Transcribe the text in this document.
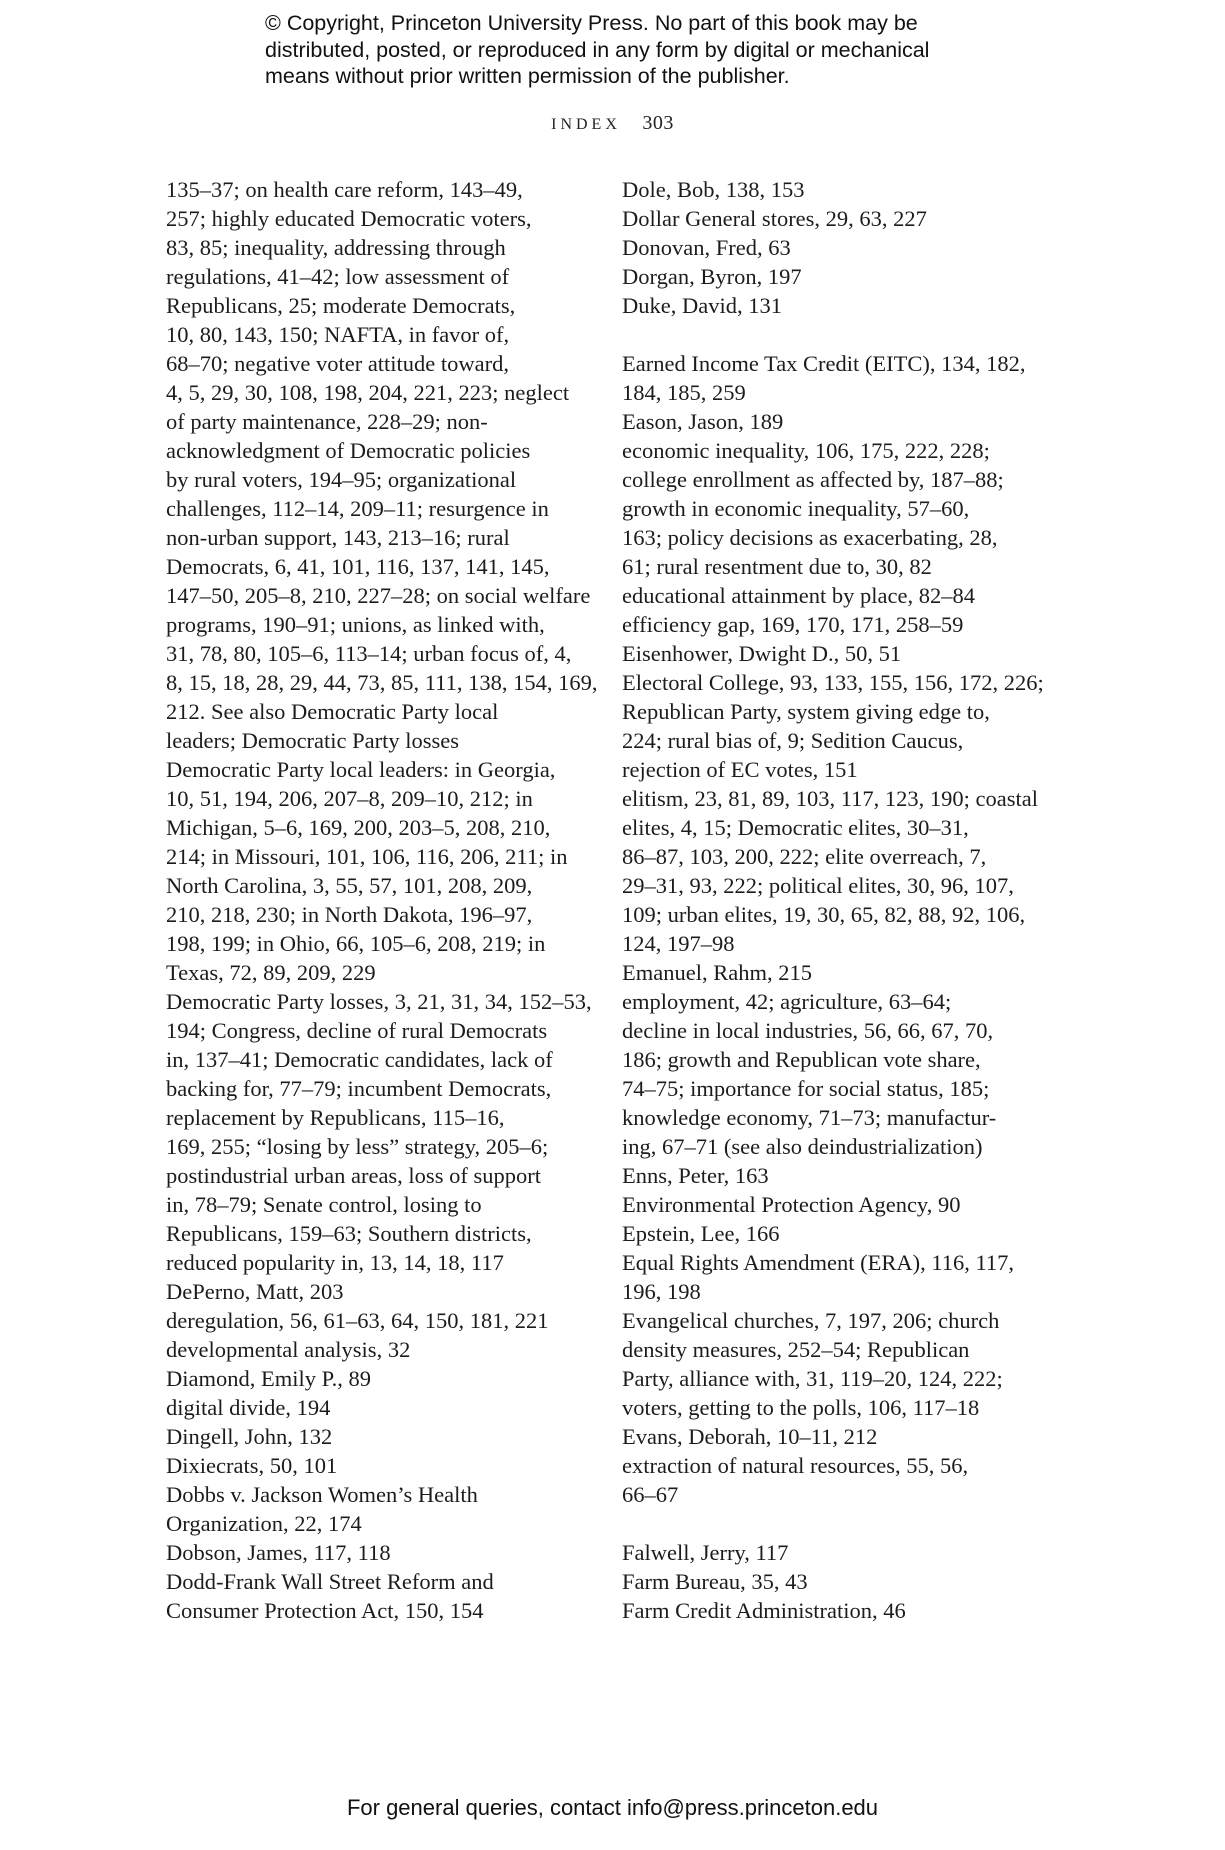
© Copyright, Princeton University Press. No part of this book may be
distributed, posted, or reproduced in any form by digital or mechanical
means without prior written permission of the publisher.
INDEX 303
135–37; on health care reform, 143–49,
257; highly educated Democratic voters,
83, 85; inequality, addressing through
regulations, 41–42; low assessment of
Republicans, 25; moderate Democrats,
10, 80, 143, 150; NAFTA, in favor of,
68–70; negative voter attitude toward,
4, 5, 29, 30, 108, 198, 204, 221, 223; neglect
of party maintenance, 228–29; non-
acknowledgment of Democratic policies
by rural voters, 194–95; organizational
challenges, 112–14, 209–11; resurgence in
non-urban support, 143, 213–16; rural
Democrats, 6, 41, 101, 116, 137, 141, 145,
147–50, 205–8, 210, 227–28; on social welfare
programs, 190–91; unions, as linked with,
31, 78, 80, 105–6, 113–14; urban focus of, 4,
8, 15, 18, 28, 29, 44, 73, 85, 111, 138, 154, 169,
212. See also Democratic Party local
leaders; Democratic Party losses
Democratic Party local leaders: in Georgia,
10, 51, 194, 206, 207–8, 209–10, 212; in
Michigan, 5–6, 169, 200, 203–5, 208, 210,
214; in Missouri, 101, 106, 116, 206, 211; in
North Carolina, 3, 55, 57, 101, 208, 209,
210, 218, 230; in North Dakota, 196–97,
198, 199; in Ohio, 66, 105–6, 208, 219; in
Texas, 72, 89, 209, 229
Democratic Party losses, 3, 21, 31, 34, 152–53,
194; Congress, decline of rural Democrats
in, 137–41; Democratic candidates, lack of
backing for, 77–79; incumbent Democrats,
replacement by Republicans, 115–16,
169, 255; “losing by less” strategy, 205–6;
postindustrial urban areas, loss of support
in, 78–79; Senate control, losing to
Republicans, 159–63; Southern districts,
reduced popularity in, 13, 14, 18, 117
DePerno, Matt, 203
deregulation, 56, 61–63, 64, 150, 181, 221
developmental analysis, 32
Diamond, Emily P., 89
digital divide, 194
Dingell, John, 132
Dixiecrats, 50, 101
Dobbs v. Jackson Women’s Health
Organization, 22, 174
Dobson, James, 117, 118
Dodd-Frank Wall Street Reform and
Consumer Protection Act, 150, 154
Dole, Bob, 138, 153
Dollar General stores, 29, 63, 227
Donovan, Fred, 63
Dorgan, Byron, 197
Duke, David, 131
Earned Income Tax Credit (EITC), 134, 182,
184, 185, 259
Eason, Jason, 189
economic inequality, 106, 175, 222, 228;
college enrollment as affected by, 187–88;
growth in economic inequality, 57–60,
163; policy decisions as exacerbating, 28,
61; rural resentment due to, 30, 82
educational attainment by place, 82–84
efficiency gap, 169, 170, 171, 258–59
Eisenhower, Dwight D., 50, 51
Electoral College, 93, 133, 155, 156, 172, 226;
Republican Party, system giving edge to,
224; rural bias of, 9; Sedition Caucus,
rejection of EC votes, 151
elitism, 23, 81, 89, 103, 117, 123, 190; coastal
elites, 4, 15; Democratic elites, 30–31,
86–87, 103, 200, 222; elite overreach, 7,
29–31, 93, 222; political elites, 30, 96, 107,
109; urban elites, 19, 30, 65, 82, 88, 92, 106,
124, 197–98
Emanuel, Rahm, 215
employment, 42; agriculture, 63–64;
decline in local industries, 56, 66, 67, 70,
186; growth and Republican vote share,
74–75; importance for social status, 185;
knowledge economy, 71–73; manufactur-
ing, 67–71 (see also deindustrialization)
Enns, Peter, 163
Environmental Protection Agency, 90
Epstein, Lee, 166
Equal Rights Amendment (ERA), 116, 117,
196, 198
Evangelical churches, 7, 197, 206; church
density measures, 252–54; Republican
Party, alliance with, 31, 119–20, 124, 222;
voters, getting to the polls, 106, 117–18
Evans, Deborah, 10–11, 212
extraction of natural resources, 55, 56,
66–67
Falwell, Jerry, 117
Farm Bureau, 35, 43
Farm Credit Administration, 46
For general queries, contact info@press.princeton.edu
